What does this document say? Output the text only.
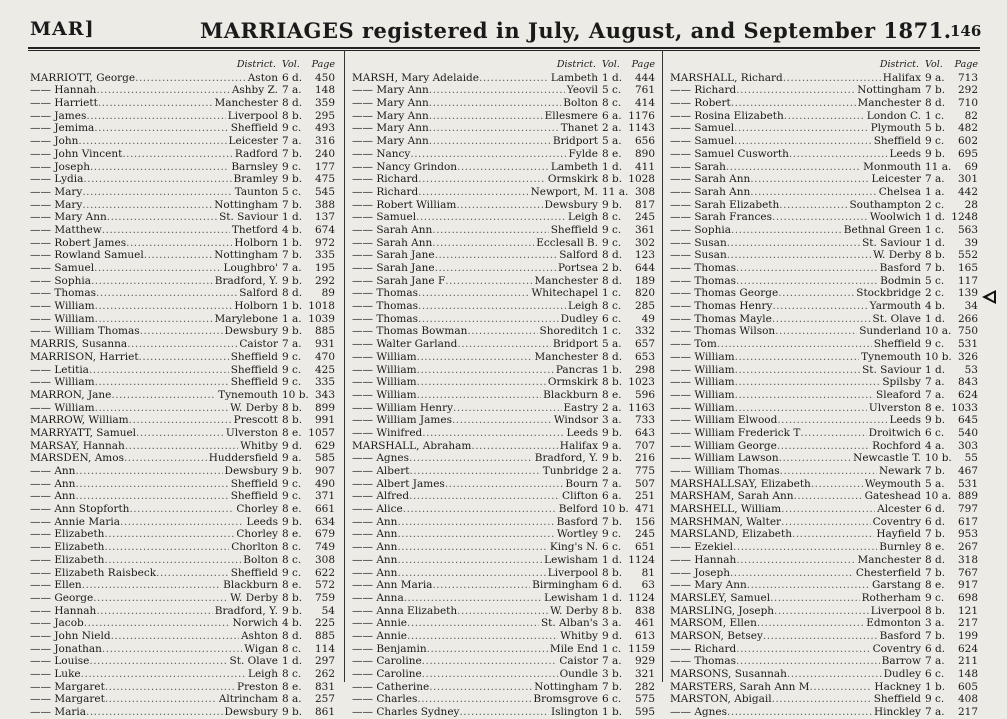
MAR]	MARRIAGES registered in July, August, and September 1871.
146
District. Vol. Page
MARRIOTT, George .....	Aston 6 d. 450
—— Hannah .....	Ashby Z. 7 a. 148
—— Harriett .....	Manchester 8 d. 359
—— James .....	Liverpool 8 b. 295
—— Jemima .....	Sheffield 9 c. 493
—— John .....	Leicester 7 a. 316
—— John Vincent .....	Radford 7 b. 240
—— Joseph .....	Barnsley 9 c. 177
—— Lydia .....	Bramley 9 b. 475
—— Mary .....	Taunton 5 c. 545
—— Mary .....	Nottingham 7 b. 388
—— Mary Ann .....	St. Saviour 1 d. 137
—— Matthew .....	Thetford 4 b. 674
—— Robert James .....	Holborn 1 b. 972
—— Rowland Samuel .....	Nottingham 7 b. 335
—— Samuel .....	Loughbro' 7 a. 195
—— Sophia .....	Bradford, Y. 9 b. 292
—— Thomas .....	Salford 8 d. 89
—— William .....	Holborn 1 b. 1018
—— William .....	Marylebone 1 a. 1039
—— William Thomas .....	Dewsbury 9 b. 885
MARRIS, Susanna .....	Caistor 7 a. 931
MARRISON, Harriet .....	Sheffield 9 c. 470
—— Letitia .....	Sheffield 9 c. 425
—— William .....	Sheffield 9 c. 335
MARRON, Jane .....	Tynemouth 10 b. 343
—— William .....	W. Derby 8 b. 899
MARROW, William .....	Prescott 8 b. 991
MARRYATT, Samuel .....	Ulverston 8 e. 1057
MARSAY, Hannah .....	Whitby 9 d. 629
MARSDEN, Amos .....	Huddersfield 9 a. 585
—— Ann .....	Dewsbury 9 b. 907
—— Ann .....	Sheffield 9 c. 490
—— Ann .....	Sheffield 9 c. 371
—— Ann Stopforth .....	Chorley 8 e. 661
—— Annie Maria .....	Leeds 9 b. 634
—— Elizabeth .....	Chorley 8 e. 679
—— Elizabeth .....	Chorlton 8 c. 749
—— Elizabeth .....	Bolton 8 c. 308
—— Elizabeth Raisbeck .....	Sheffield 9 c. 622
—— Ellen .....	Blackburn 8 e. 572
—— George .....	W. Derby 8 b. 759
—— Hannah .....	Bradford, Y. 9 b. 54
—— Jacob .....	Norwich 4 b. 225
—— John Nield .....	Ashton 8 d. 885
—— Jonathan .....	Wigan 8 c. 114
—— Louise .....	St. Olave 1 d. 297
—— Luke .....	Leigh 8 c. 262
—— Margaret .....	Preston 8 e. 831
—— Margaret .....	Altrincham 8 a. 257
—— Maria .....	Dewsbury 9 b. 861
District. Vol. Page
MARSH, Mary Adelaide .....	Lambeth 1 d. 444
—— Mary Ann .....	Yeovil 5 c. 761
—— Mary Ann .....	Bolton 8 c. 414
—— Mary Ann .....	Ellesmere 6 a. 1176
—— Mary Ann .....	Thanet 2 a. 1143
—— Mary Ann .....	Bridport 5 a. 656
—— Nancy .....	Fylde 8 e. 890
—— Nancy Grindon .....	Lambeth 1 d. 411
—— Richard .....	Ormskirk 8 b. 1028
—— Richard .....	Newport, M. 11 a. 308
—— Robert William .....	Dewsbury 9 b. 817
—— Samuel .....	Leigh 8 c. 245
—— Sarah Ann .....	Sheffield 9 c. 361
—— Sarah Ann .....	Ecclesall B. 9 c. 302
—— Sarah Jane .....	Salford 8 d. 123
—— Sarah Jane .....	Portsea 2 b. 644
—— Sarah Jane F .....	Manchester 8 d. 189
—— Thomas .....	Whitechapel 1 c. 820
—— Thomas .....	Leigh 8 c. 285
—— Thomas .....	Dudley 6 c. 49
—— Thomas Bowman .....	Shoreditch 1 c. 332
—— Walter Garland .....	Bridport 5 a. 657
—— William .....	Manchester 8 d. 653
—— William .....	Pancras 1 b. 298
—— William .....	Ormskirk 8 b. 1023
—— William .....	Blackburn 8 e. 596
—— William Henry .....	Eastry 2 a. 1163
—— William James .....	Windsor 3 a. 733
—— Winifred .....	Leeds 9 b. 643
MARSHALL, Abraham .....	Halifax 9 a. 707
—— Agnes .....	Bradford, Y. 9 b. 216
—— Albert .....	Tunbridge 2 a. 775
—— Albert James .....	Bourn 7 a. 507
—— Alfred .....	Clifton 6 a. 251
—— Alice .....	Belford 10 b. 471
—— Ann .....	Basford 7 b. 156
—— Ann .....	Wortley 9 c. 245
—— Ann .....	King's N. 6 c. 651
—— Ann .....	Lewisham 1 d. 1124
—— Ann .....	Liverpool 8 b. 81
—— Ann Maria .....	Birmingham 6 d. 63
—— Anna .....	Lewisham 1 d. 1124
—— Anna Elizabeth .....	W. Derby 8 b. 838
—— Annie .....	St. Alban's 3 a. 461
—— Annie .....	Whitby 9 d. 613
—— Benjamin .....	Mile End 1 c. 1159
—— Caroline .....	Caistor 7 a. 929
—— Caroline .....	Oundle 3 b. 321
—— Catherine .....	Nottingham 7 b. 282
—— Charles .....	Bromsgrove 6 c. 575
—— Charles Sydney .....	Islington 1 b. 595
District. Vol. Page
MARSHALL, Richard .....	Halifax 9 a. 713
—— Richard .....	Nottingham 7 b. 292
—— Robert .....	Manchester 8 d. 710
—— Rosina Elizabeth .....	London C. 1 c. 82
—— Samuel .....	Plymouth 5 b. 482
—— Samuel .....	Sheffield 9 c. 602
—— Samuel Cusworth .....	Leeds 9 b. 695
—— Sarah .....	Monmouth 11 a. 69
—— Sarah Ann .....	Leicester 7 a. 301
—— Sarah Ann .....	Chelsea 1 a. 442
—— Sarah Elizabeth .....	Southampton 2 c. 28
—— Sarah Frances .....	Woolwich 1 d. 1248
—— Sophia .....	Bethnal Green 1 c. 563
—— Susan .....	St. Saviour 1 d. 39
—— Susan .....	W. Derby 8 b. 552
—— Thomas .....	Basford 7 b. 165
—— Thomas .....	Bodmin 5 c. 117
—— Thomas George .....	Stockbridge 2 c. 139
—— Thomas Henry .....	Yarmouth 4 b. 34
—— Thomas Mayle .....	St. Olave 1 d. 266
—— Thomas Wilson .....	Sunderland 10 a. 750
—— Tom .....	Sheffield 9 c. 531
—— William .....	Tynemouth 10 b. 326
—— William .....	St. Saviour 1 d. 53
—— William .....	Spilsby 7 a. 843
—— William .....	Sleaford 7 a. 624
—— William .....	Ulverston 8 e. 1033
—— William Elwood .....	Leeds 9 b. 645
—— William Frederick T .....	Droitwich 6 c. 540
—— William George .....	Rochford 4 a. 303
—— William Lawson .....	Newcastle T. 10 b. 55
—— William Thomas .....	Newark 7 b. 467
MARSHALLSAY, Elizabeth .....	Weymouth 5 a. 531
MARSHAM, Sarah Ann .....	Gateshead 10 a. 889
MARSHELL, William .....	Alcester 6 d. 797
MARSHMAN, Walter .....	Coventry 6 d. 617
MARSLAND, Elizabeth .....	Hayfield 7 b. 953
—— Ezekiel .....	Burnley 8 e. 267
—— Hannah .....	Manchester 8 d. 318
—— Joseph .....	Chesterfield 7 b. 767
—— Mary Ann .....	Garstang 8 e. 917
MARSLEY, Samuel .....	Rotherham 9 c. 698
MARSLING, Joseph .....	Liverpool 8 b. 121
MARSOM, Ellen .....	Edmonton 3 a. 217
MARSON, Betsey .....	Basford 7 b. 199
—— Richard .....	Coventry 6 d. 624
—— Thomas .....	Barrow 7 a. 211
MARSONS, Susannah .....	Dudley 6 c. 148
MARSTERS, Sarah Ann M .....	Hackney 1 b. 605
MARSTON, Abigail .....	Sheffield 9 c. 408
—— Agnes .....	Hinckley 7 a. 217
